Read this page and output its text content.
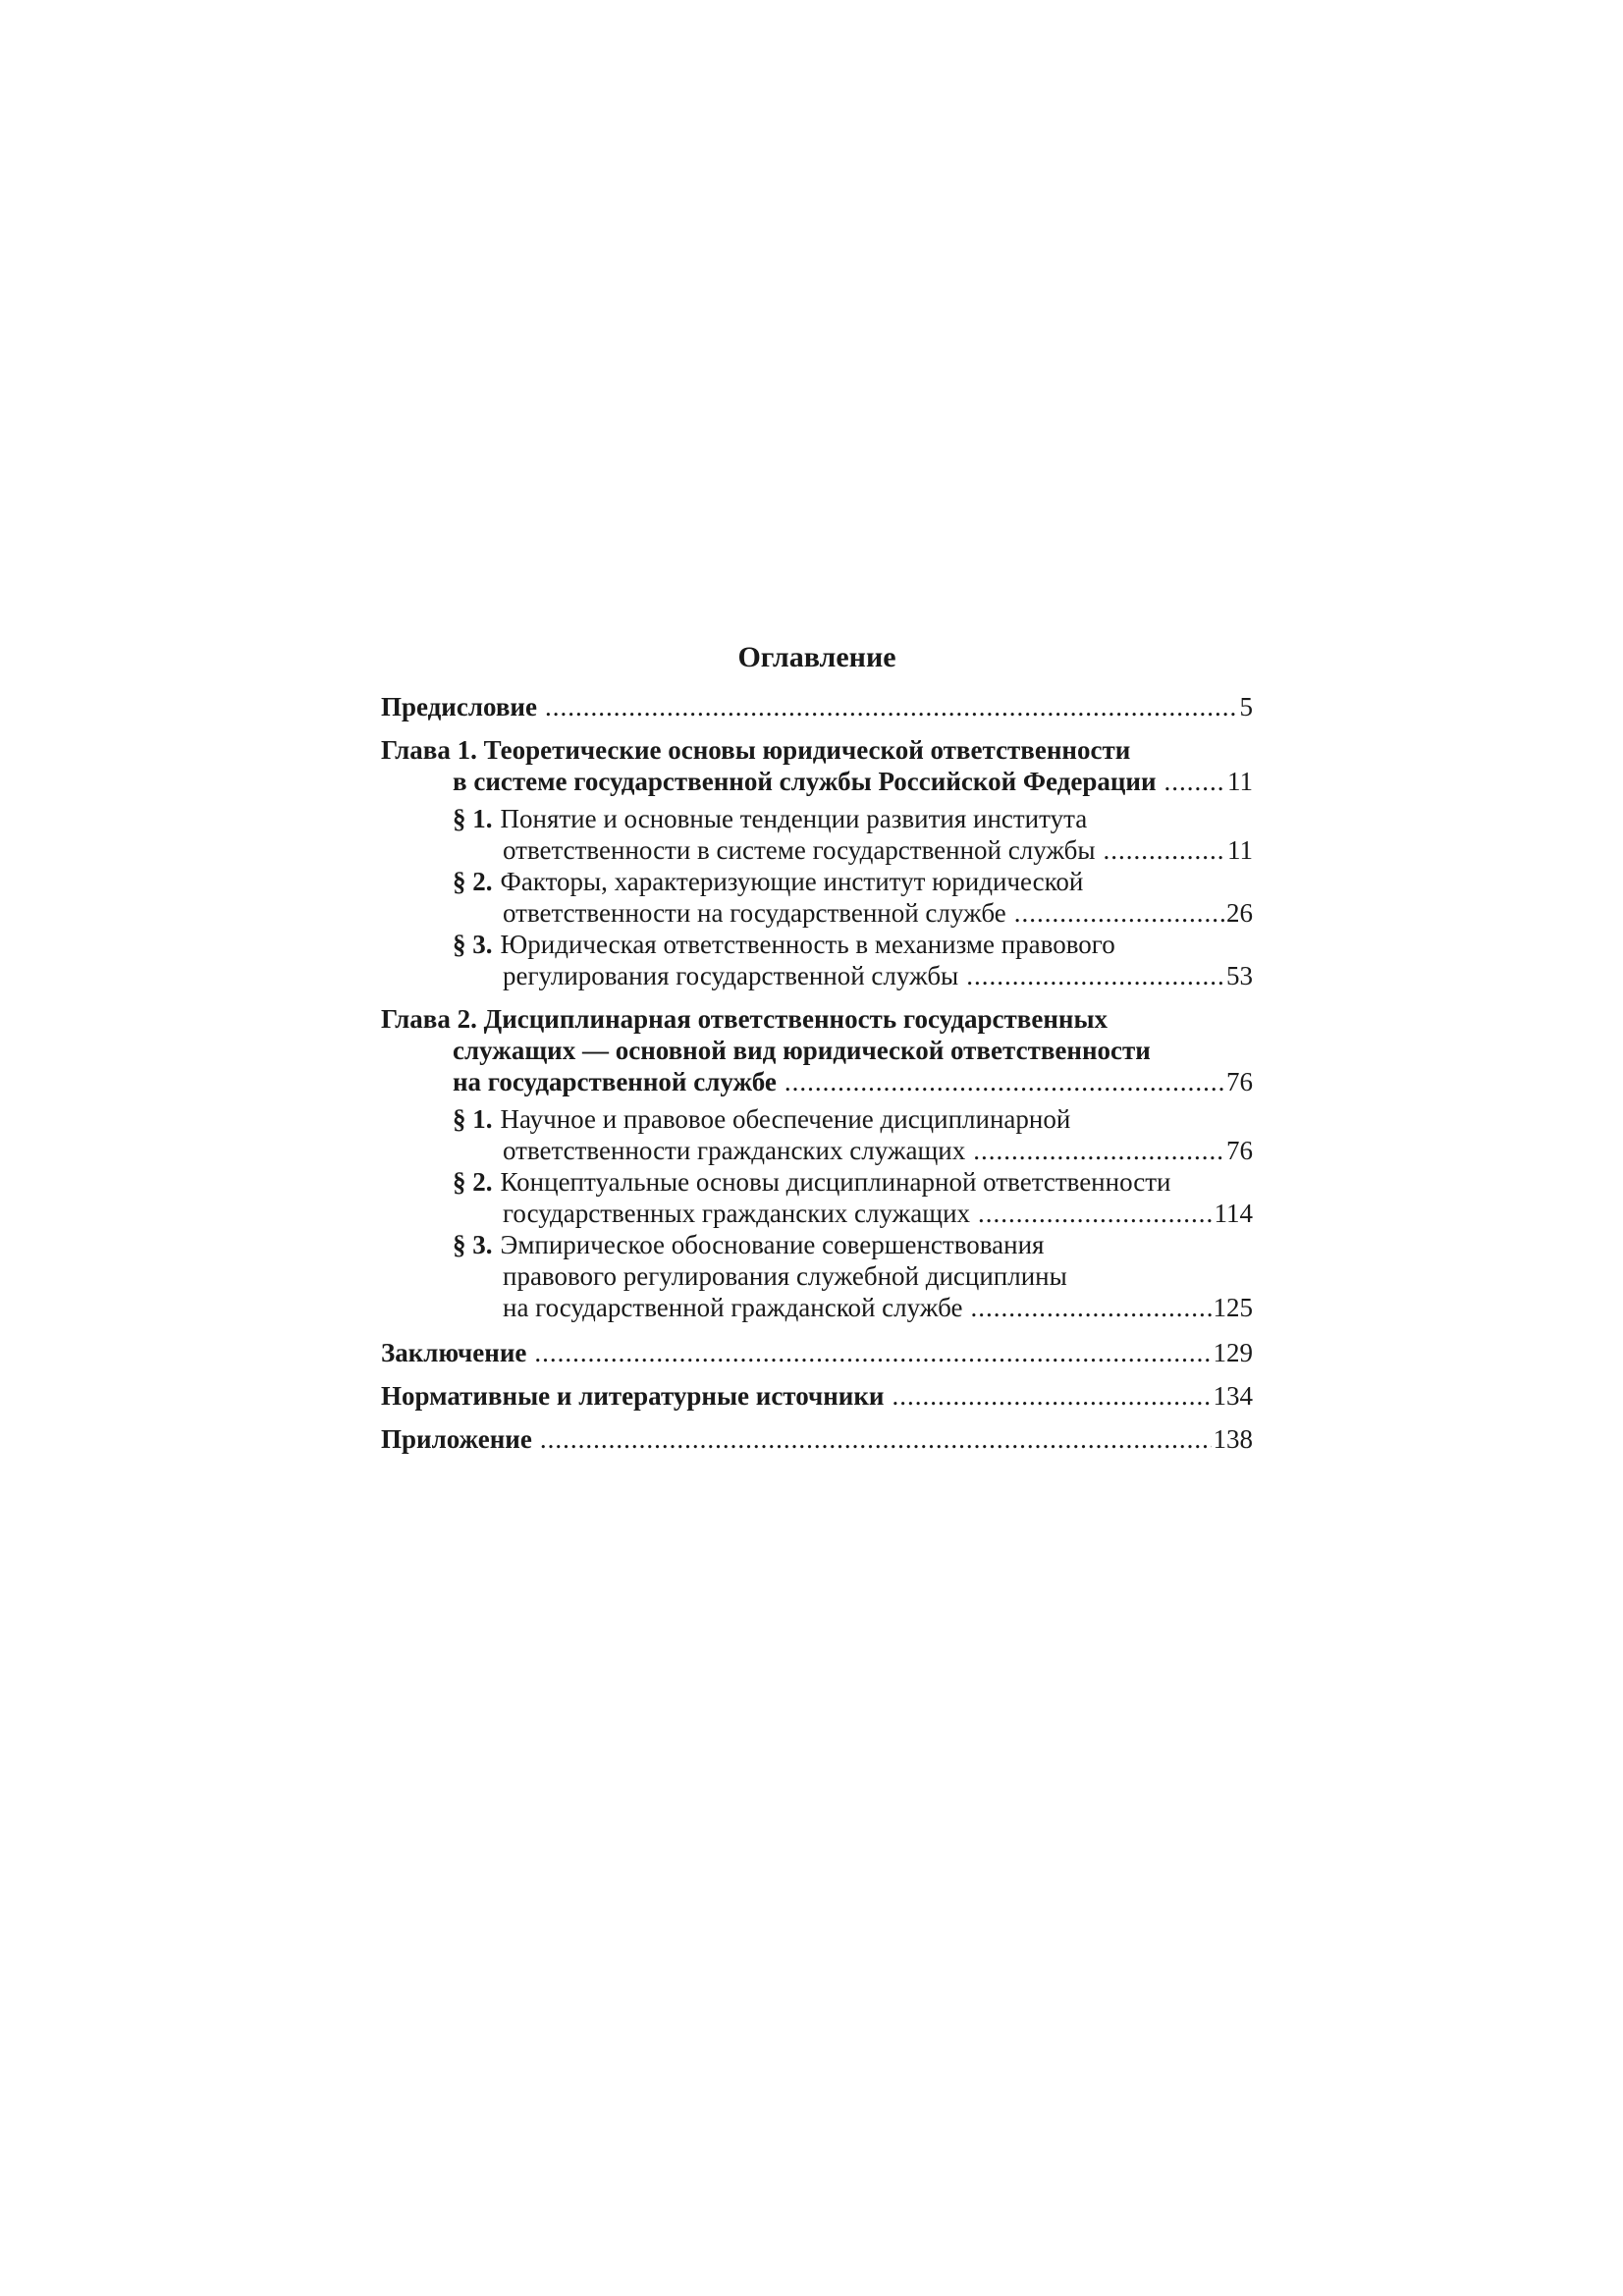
Оглавление
Предисловие .....	5
Глава 1. Теоретические основы юридической ответственности
в системе государственной службы Российской Федерации .....	11
§ 1. Понятие и основные тенденции развития института
ответственности в системе государственной службы .....	11
§ 2. Факторы, характеризующие институт юридической
ответственности на государственной службе .....	26
§ 3. Юридическая ответственность в механизме правового
регулирования государственной службы .....	53
Глава 2. Дисциплинарная ответственность государственных
служащих — основной вид юридической ответственности
на государственной службе .....	76
§ 1. Научное и правовое обеспечение дисциплинарной
ответственности гражданских служащих .....	76
§ 2. Концептуальные основы дисциплинарной ответственности
государственных гражданских служащих .....	114
§ 3. Эмпирическое обоснование совершенствования
правового регулирования служебной дисциплины
на государственной гражданской службе .....	125
Заключение .....	129
Нормативные и литературные источники .....	134
Приложение .....	138
